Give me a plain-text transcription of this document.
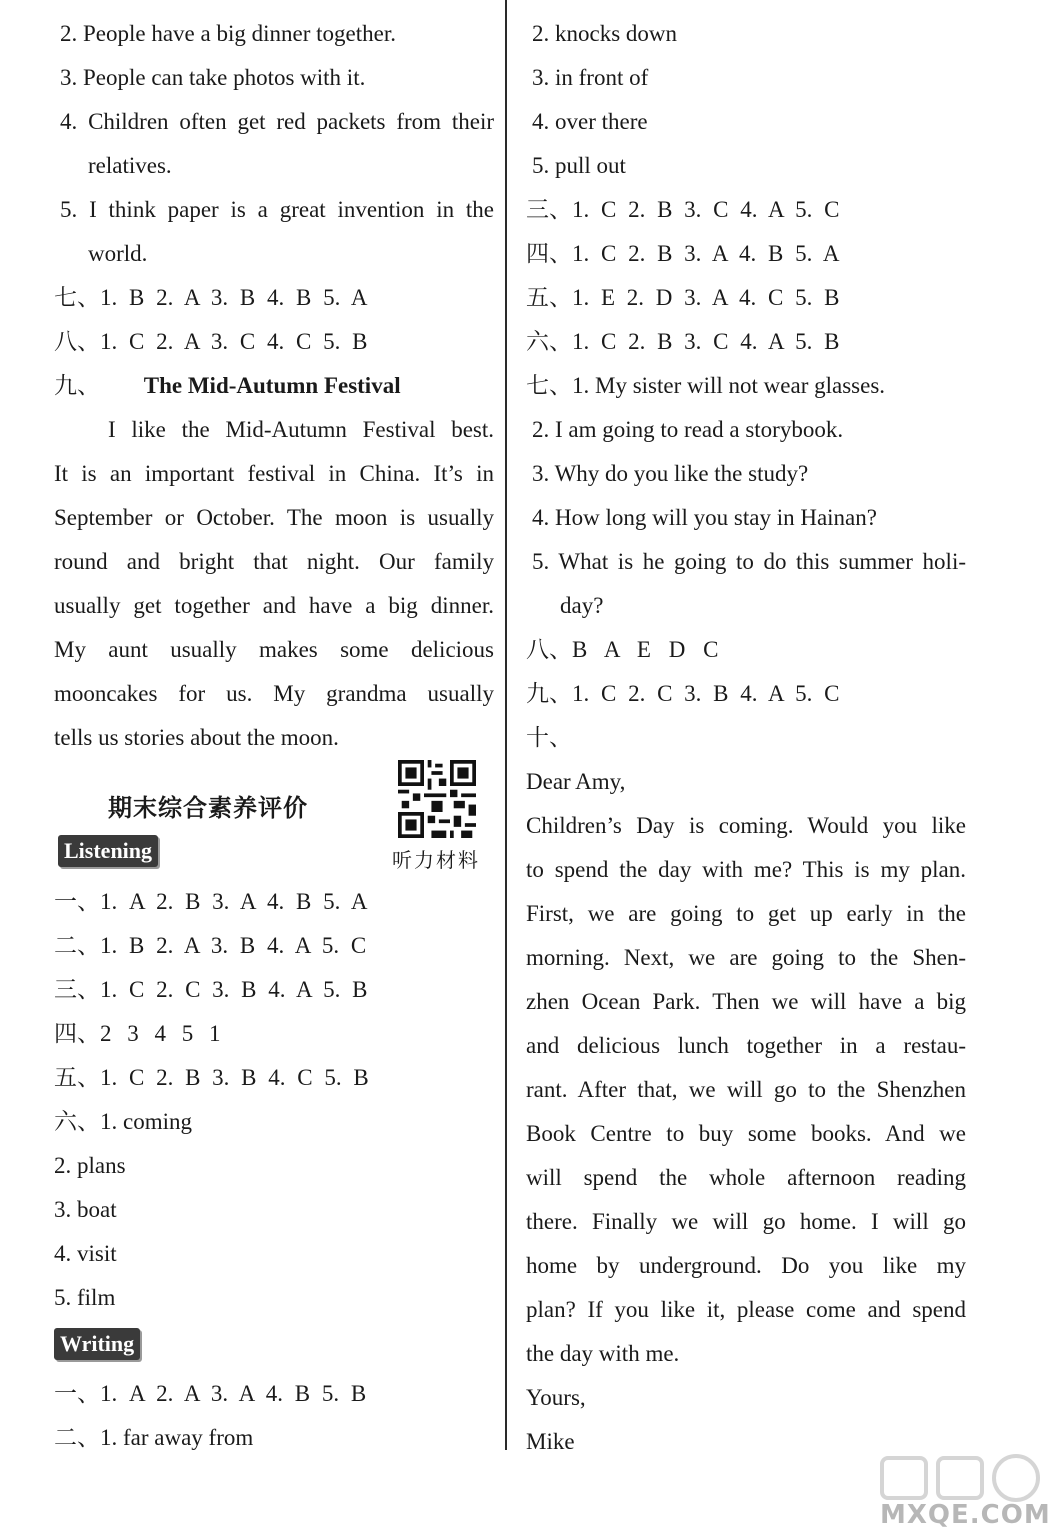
2. People have a big dinner together.
3. People can take photos with it.
4. Children often get red packets from their
relatives.
5. I think paper is a great invention in the
world.
七、1. B 2. A 3. B 4. B 5. A
八、1. C 2. A 3. C 4. C 5. B
九、 The Mid-Autumn Festival
I like the Mid-Autumn Festival best.
It is an important festival in China. It’s in
September or October. The moon is usually
round and bright that night. Our family
usually get together and have a big dinner.
My aunt usually makes some delicious
mooncakes for us. My grandma usually
tells us stories about the moon.
期末综合素养评价
听力材料
Listening
一、1. A 2. B 3. A 4. B 5. A
二、1. B 2. A 3. B 4. A 5. C
三、1. C 2. C 3. B 4. A 5. B
四、2 3 4 5 1
五、1. C 2. B 3. B 4. C 5. B
六、1. coming
2. plans
3. boat
4. visit
5. film
Writing
一、1. A 2. A 3. A 4. B 5. B
二、1. far away from
2. knocks down
3. in front of
4. over there
5. pull out
三、1. C 2. B 3. C 4. A 5. C
四、1. C 2. B 3. A 4. B 5. A
五、1. E 2. D 3. A 4. C 5. B
六、1. C 2. B 3. C 4. A 5. B
七、1. My sister will not wear glasses.
2. I am going to read a storybook.
3. Why do you like the study?
4. How long will you stay in Hainan?
5. What is he going to do this summer holi-
day?
八、B A E D C
九、1. C 2. C 3. B 4. A 5. C
十、
Dear Amy,
Children’s Day is coming. Would you like
to spend the day with me? This is my plan.
First, we are going to get up early in the
morning. Next, we are going to the Shen-
zhen Ocean Park. Then we will have a big
and delicious lunch together in a restau-
rant. After that, we will go to the Shenzhen
Book Centre to buy some books. And we
will spend the whole afternoon reading
there. Finally we will go home. I will go
home by underground. Do you like my
plan? If you like it, please come and spend
the day with me.
Yours,
Mike
MXQE.COM
